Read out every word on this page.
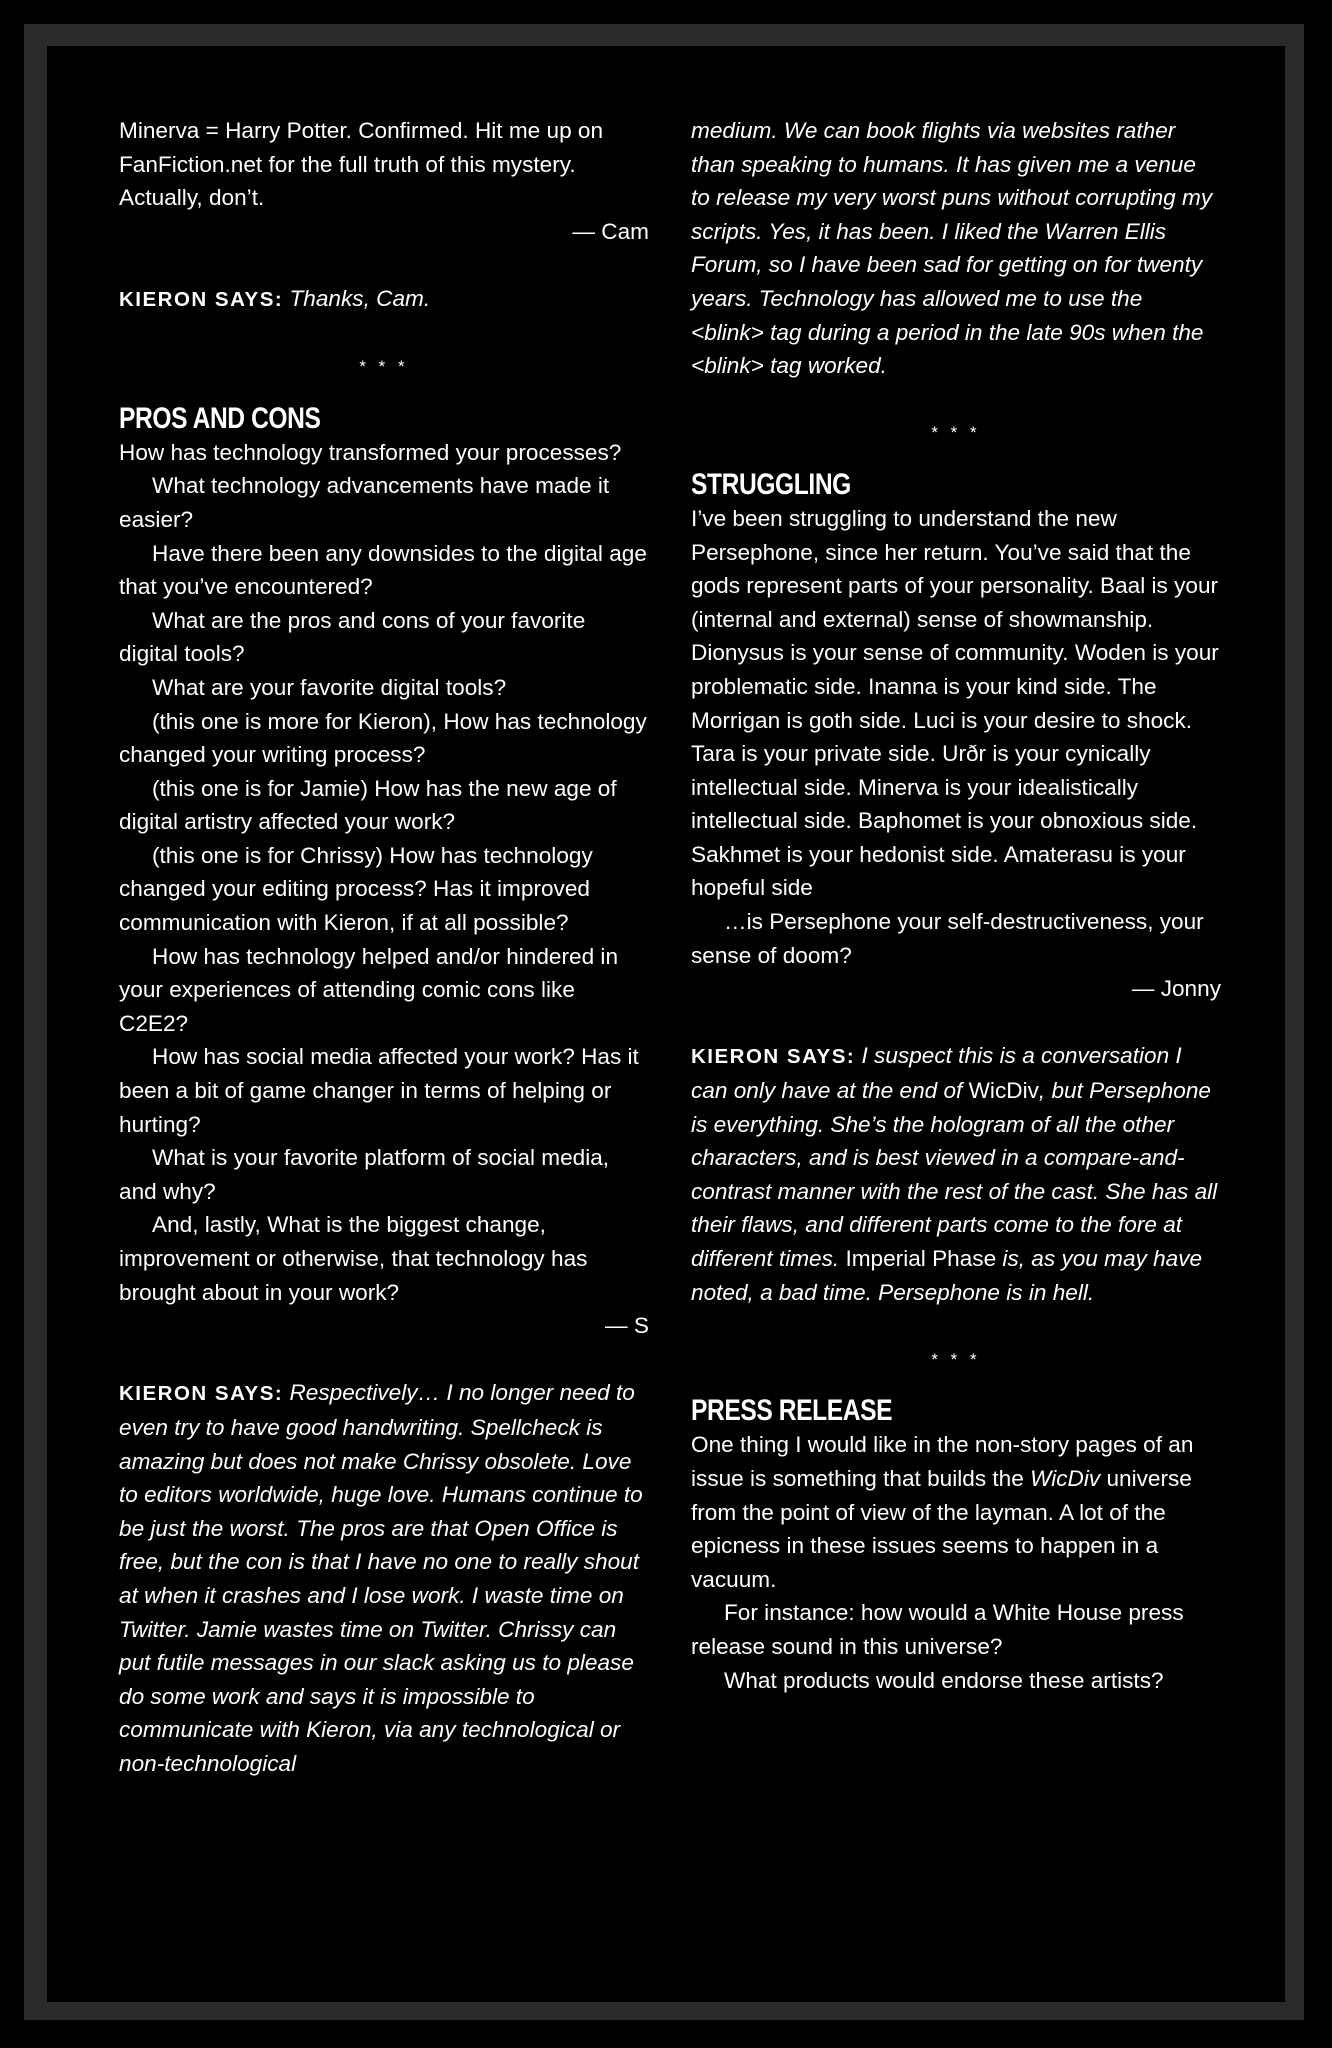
Minerva = Harry Potter. Confirmed. Hit me up on FanFiction.net for the full truth of this mystery. Actually, don’t.

— Cam

KIERON SAYS: Thanks, Cam.

* * *

PROS AND CONS

How has technology transformed your processes?

What technology advancements have made it easier?

Have there been any downsides to the digital age that you’ve encountered?

What are the pros and cons of your favorite digital tools?

What are your favorite digital tools?

(this one is more for Kieron), How has technology changed your writing process?

(this one is for Jamie) How has the new age of digital artistry affected your work?

(this one is for Chrissy) How has technology changed your editing process? Has it improved communication with Kieron, if at all possible?

How has technology helped and/or hindered in your experiences of attending comic cons like C2E2?

How has social media affected your work? Has it been a bit of game changer in terms of helping or hurting?

What is your favorite platform of social media, and why?

And, lastly, What is the biggest change, improvement or otherwise, that technology has brought about in your work?

— S

KIERON SAYS: Respectively… I no longer need to even try to have good handwriting. Spellcheck is amazing but does not make Chrissy obsolete. Love to editors worldwide, huge love. Humans continue to be just the worst. The pros are that Open Office is free, but the con is that I have no one to really shout at when it crashes and I lose work. I waste time on Twitter. Jamie wastes time on Twitter. Chrissy can put futile messages in our slack asking us to please do some work and says it is impossible to communicate with Kieron, via any technological or non-technological

medium. We can book flights via websites rather than speaking to humans. It has given me a venue to release my very worst puns without corrupting my scripts. Yes, it has been. I liked the Warren Ellis Forum, so I have been sad for getting on for twenty years. Technology has allowed me to use the <blink> tag during a period in the late 90s when the <blink> tag worked.

* * *

STRUGGLING

I’ve been struggling to understand the new Persephone, since her return. You’ve said that the gods represent parts of your personality. Baal is your (internal and external) sense of showmanship. Dionysus is your sense of community. Woden is your problematic side. Inanna is your kind side. The Morrigan is goth side. Luci is your desire to shock. Tara is your private side. Urðr is your cynically intellectual side. Minerva is your idealistically intellectual side. Baphomet is your obnoxious side. Sakhmet is your hedonist side. Amaterasu is your hopeful side

…is Persephone your self-destructiveness, your sense of doom?

— Jonny

KIERON SAYS: I suspect this is a conversation I can only have at the end of WicDiv, but Persephone is everything. She’s the hologram of all the other characters, and is best viewed in a compare-and-contrast manner with the rest of the cast. She has all their flaws, and different parts come to the fore at different times. Imperial Phase is, as you may have noted, a bad time. Persephone is in hell.

* * *

PRESS RELEASE

One thing I would like in the non-story pages of an issue is something that builds the WicDiv universe from the point of view of the layman. A lot of the epicness in these issues seems to happen in a vacuum.

For instance: how would a White House press release sound in this universe?

What products would endorse these artists?
